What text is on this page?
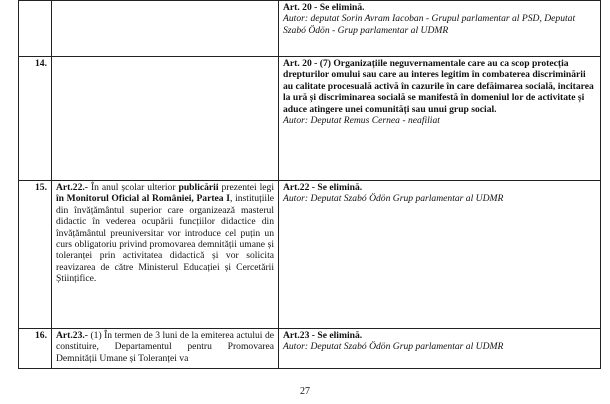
		Art. 20 - Se elimină.
Autor: deputat Sorin Avram Iacoban - Grupul parlamentar al PSD, Deputat Szabó Ödön - Grup parlamentar al UDMR

14.		Art. 20 - (7) Organizațiile neguvernamentale care au ca scop protecția drepturilor omului sau care au interes legitim în combaterea discriminării au calitate procesuală activă în cazurile în care defăimarea socială, incitarea la ură și discriminarea socială se manifestă în domeniul lor de activitate și aduce atingere unei comunități sau unui grup social.
Autor: Deputat Remus Cernea - neafiliat

15.	Art.22.- În anul școlar ulterior publicării prezentei legi în Monitorul Oficial al României, Partea I, instituțiile din învățământul superior care organizează masterul didactic în vederea ocupării funcțiilor didactice din învățământul preuniversitar vor introduce cel puțin un curs obligatoriu privind promovarea demnității umane și toleranței prin activitatea didactică și vor solicita reavizarea de către Ministerul Educației și Cercetării Științifice.	Art.22 - Se elimină.
Autor: Deputat Szabó Ödön Grup parlamentar al UDMR

16.	Art.23.- (1) În termen de 3 luni de la emiterea actului de constituire, Departamentul pentru Promovarea Demnității Umane și Toleranței va	Art.23 - Se elimină.
Autor: Deputat Szabó Ödön Grup parlamentar al UDMR
27
